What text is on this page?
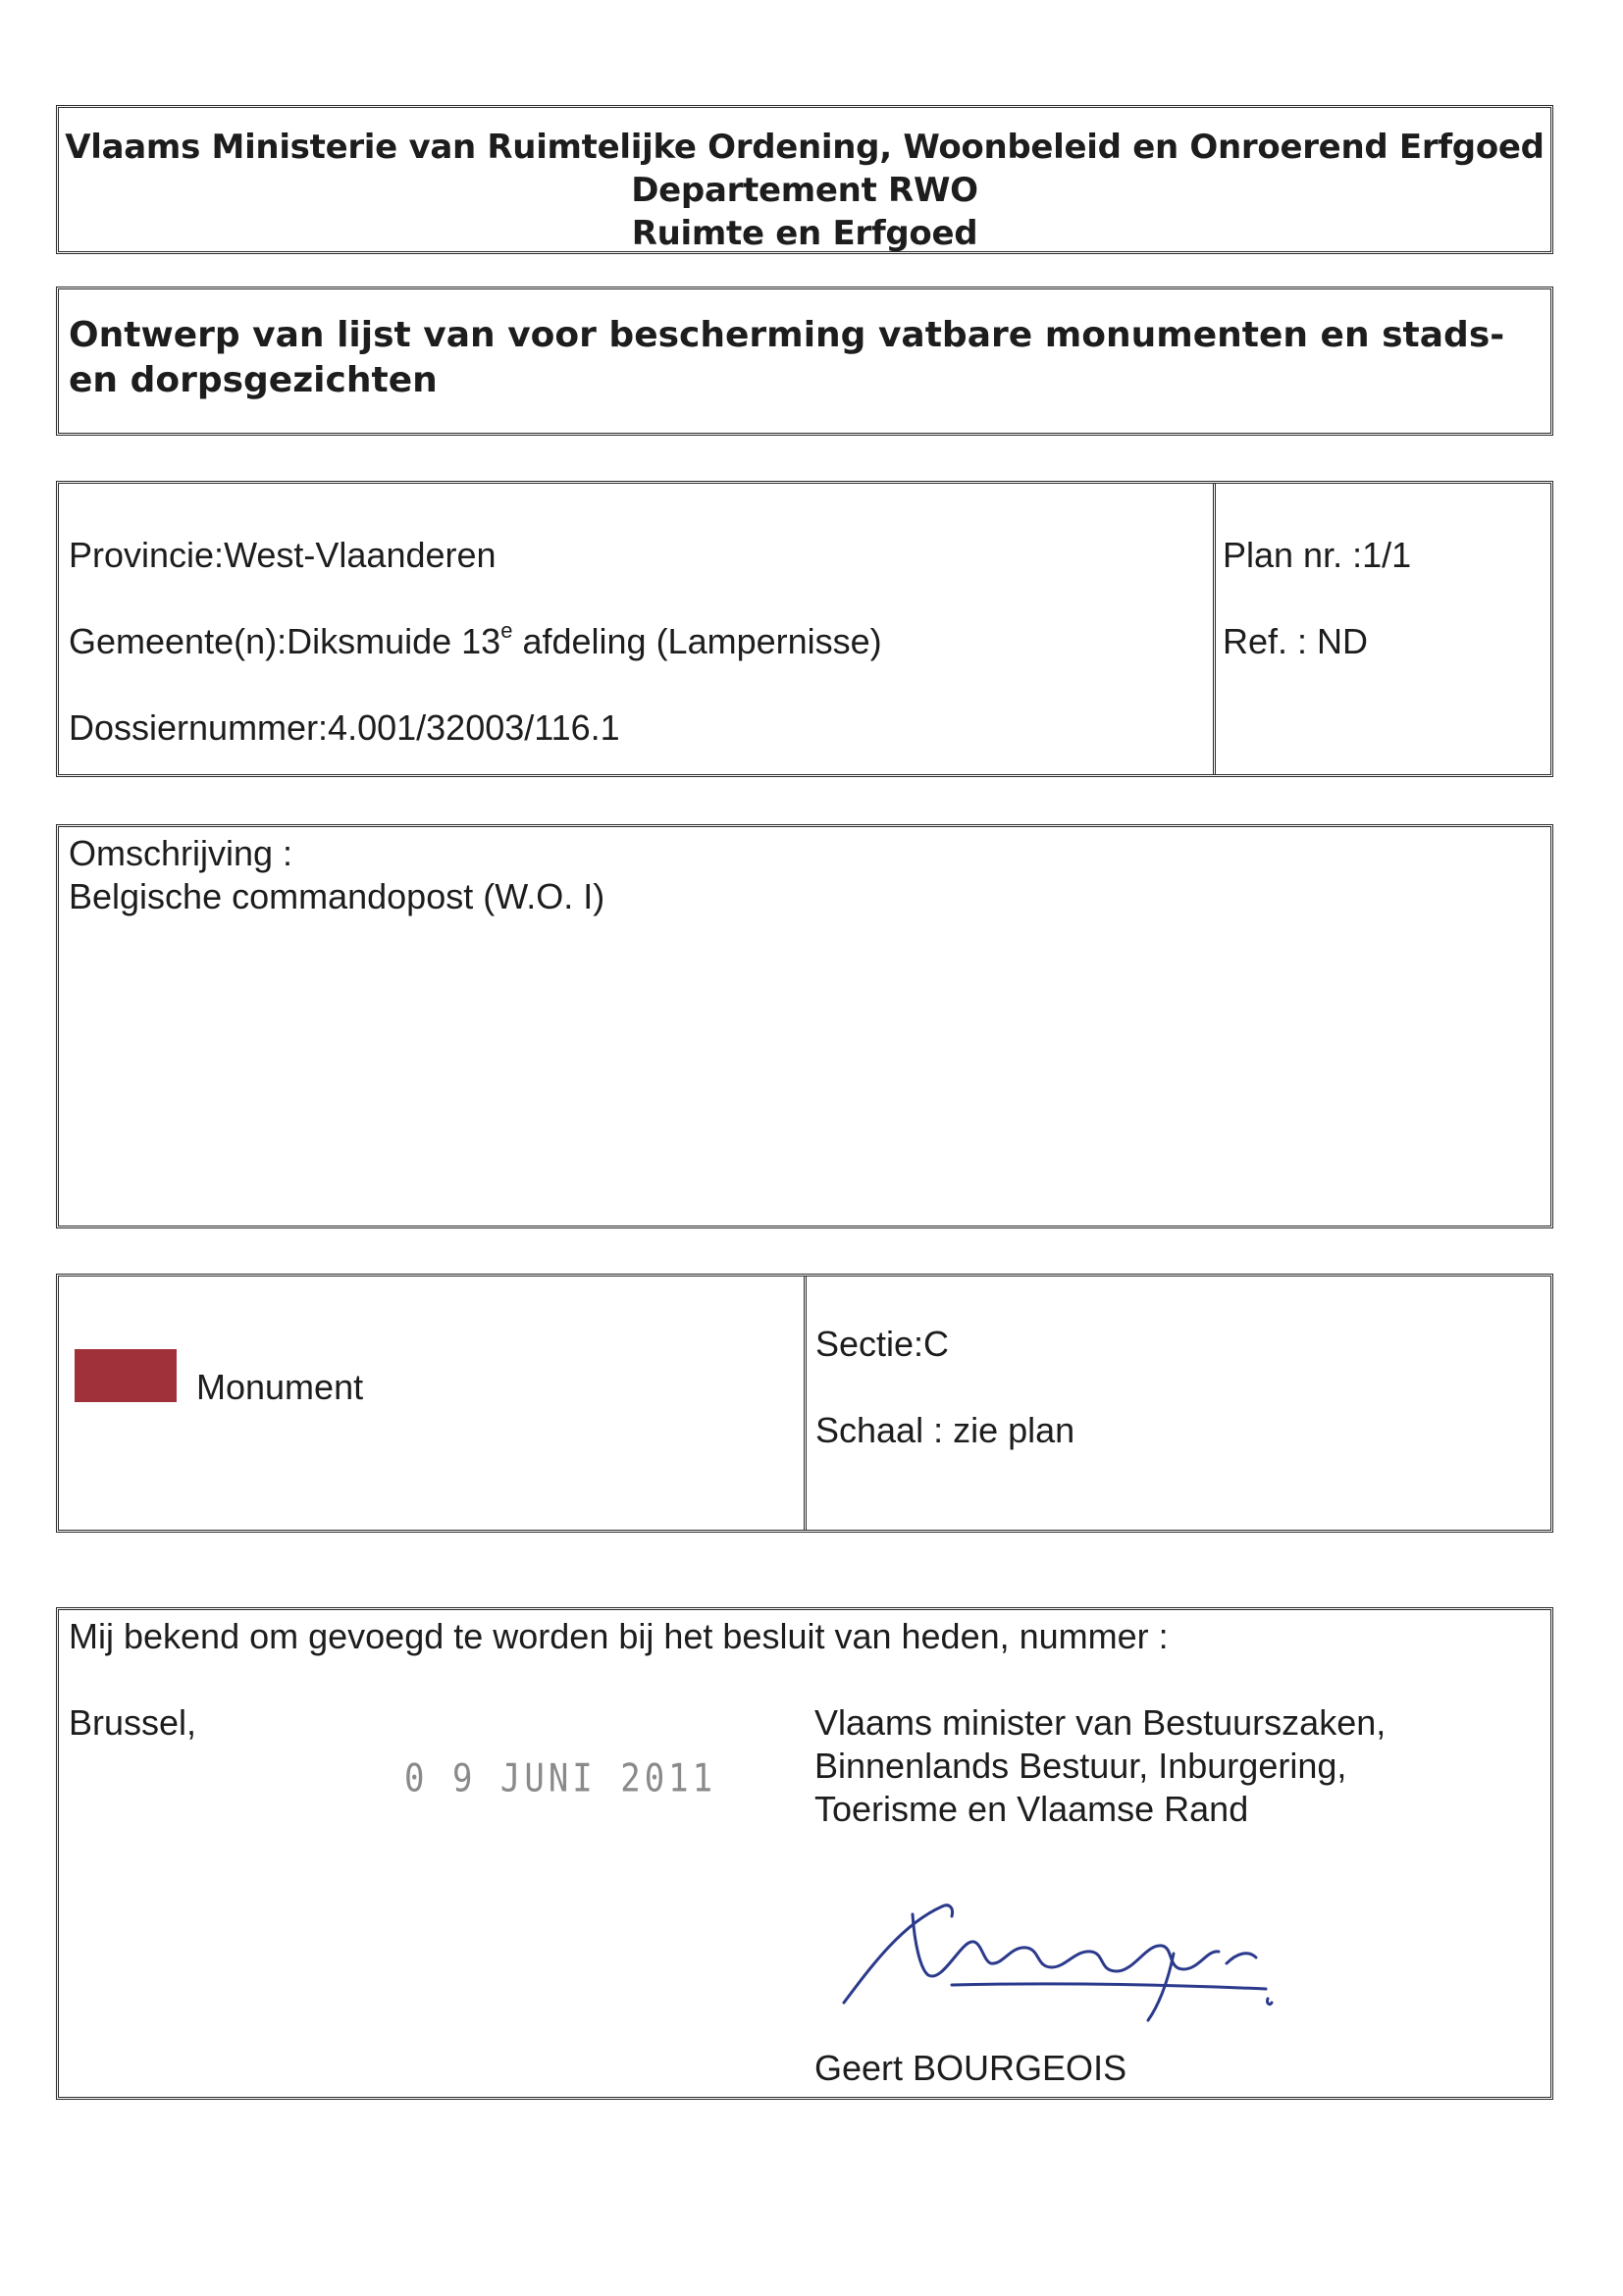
Vlaams Ministerie van Ruimtelijke Ordening, Woonbeleid en Onroerend Erfgoed
Departement RWO
Ruimte en Erfgoed
Ontwerp van lijst van voor bescherming vatbare monumenten en stads- en dorpsgezichten
Provincie:West-Vlaanderen
Gemeente(n):Diksmuide 13e afdeling (Lampernisse)
Dossiernummer:4.001/32003/116.1
Plan nr. :1/1
Ref. : ND
Omschrijving :
Belgische commandopost (W.O. I)
Monument
Sectie:C
Schaal : zie plan
Mij bekend om gevoegd te worden bij het besluit van heden, nummer :
Brussel,
0 9 JUNI 2011
Vlaams minister van Bestuurszaken,
Binnenlands Bestuur, Inburgering,
Toerisme en Vlaamse Rand
Geert BOURGEOIS
